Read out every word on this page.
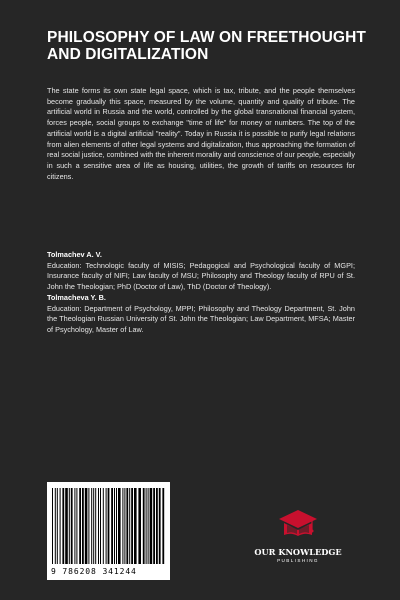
PHILOSOPHY OF LAW ON FREETHOUGHT AND DIGITALIZATION

The state forms its own state legal space, which is tax, tribute, and the people themselves become gradually this space, measured by the volume, quantity and quality of tribute. The artificial world in Russia and the world, controlled by the global transnational financial system, forces people, social groups to exchange "time of life" for money or numbers. The top of the artificial world is a digital artificial "reality". Today in Russia it is possible to purify legal relations from alien elements of other legal systems and digitalization, thus approaching the formation of real social justice, combined with the inherent morality and conscience of our people, especially in such a sensitive area of life as housing, utilities, the growth of tariffs on resources for citizens.

Tolmachev A. V.

Education: Technologic faculty of MISIS; Pedagogical and Psychological faculty of MGPI; Insurance faculty of NIFI; Law faculty of MSU; Philosophy and Theology faculty of RPU of St. John the Theologian; PhD (Doctor of Law), ThD (Doctor of Theology).

Tolmacheva Y. B.

Education: Department of Psychology, MPPI; Philosophy and Theology Department, St. John the Theologian Russian University of St. John the Theologian; Law Department, MFSA; Master of Psychology, Master of Law.

9 786208 341244
OUR KNOWLEDGE
PUBLISHING
